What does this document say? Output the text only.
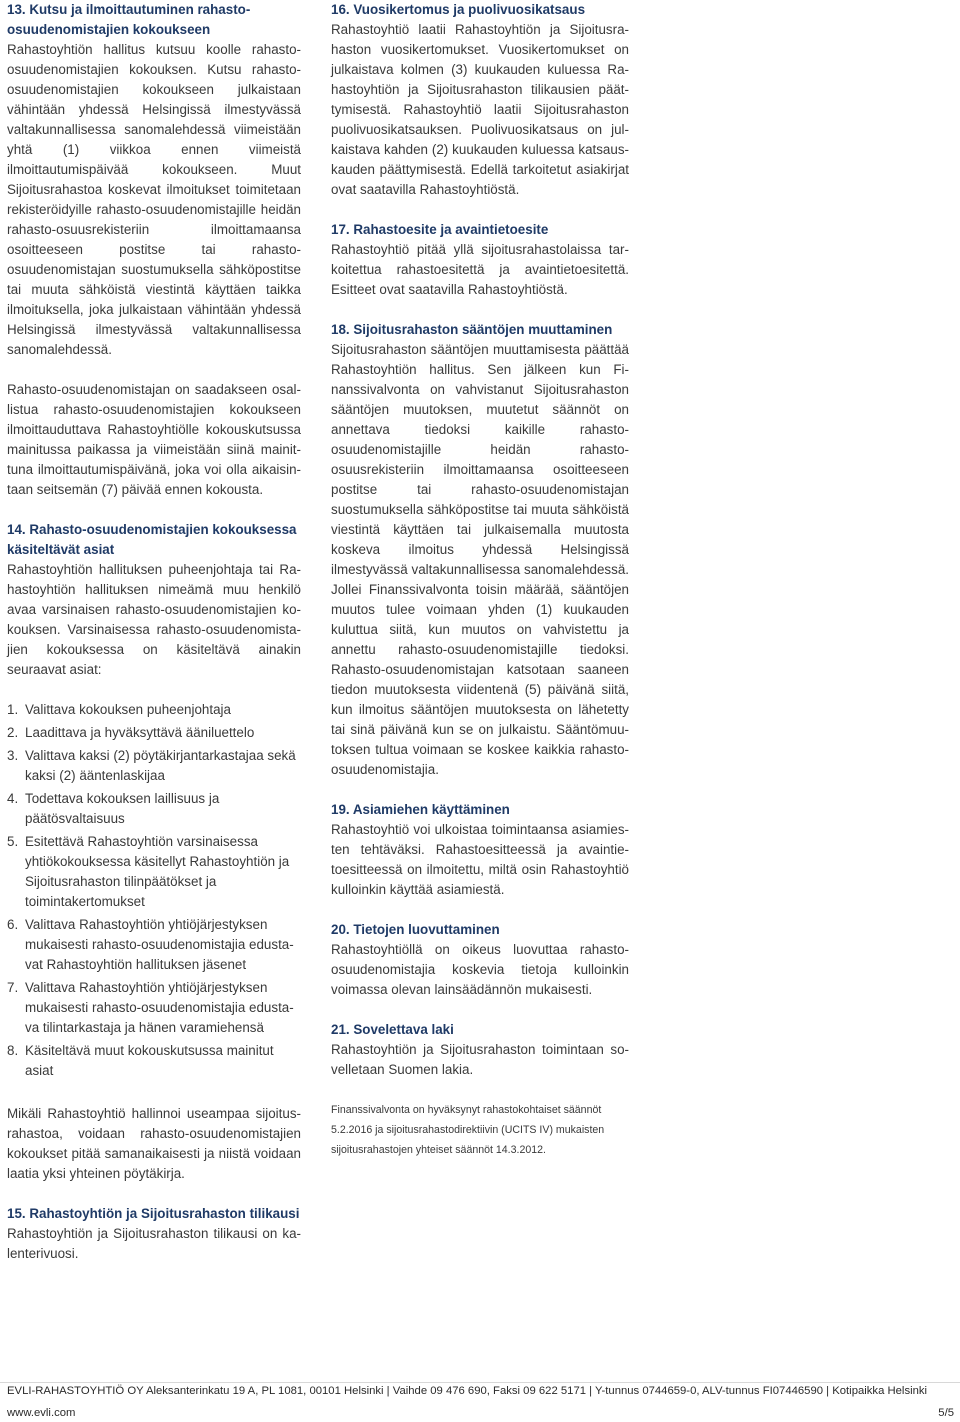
13. Kutsu ja ilmoittautuminen rahastoosuudenomistajien kokoukseen

Rahastoyhtiön hallitus kutsuu koolle rahasto-osuudenomistajien kokouksen. Kutsu rahasto-osuudenomistajien kokoukseen julkaistaan vähintään yhdessä Helsingissä ilmestyvässä valtakunnallisessa sanomalehdessä viimeistään yhtä (1) viikkoa ennen viimeistä ilmoittautumispäivää kokoukseen. Muut Sijoitusrahastoa koskevat ilmoitukset toimitetaan rekisteröidyille rahasto-osuudenomistajille heidän rahasto-osuusrekisteriin ilmoittamaansa osoitteeseen postitse tai rahasto-osuudenomistajan suostumuksella sähköpostitse tai muuta sähköistä viestintä käyttäen taikka ilmoituksella, joka julkaistaan vähintään yhdessä Helsingissä ilmestyvässä valtakunnallisessa sanomalehdessä.

Rahasto-osuudenomistajan on saadakseen osallistua rahasto-osuudenomistajien kokoukseen ilmoittauduttava Rahastoyhtiölle kokouskutsussa mainitussa paikassa ja viimeistään siinä mainittuna ilmoittautumispäivänä, joka voi olla aikaisintaan seitsemän (7) päivää ennen kokousta.

14. Rahasto-osuudenomistajien kokouksessa käsiteltävät asiat

Rahastoyhtiön hallituksen puheenjohtaja tai Rahastoyhtiön hallituksen nimeämä muu henkilö avaa varsinaisen rahasto-osuudenomistajien kokouksen. Varsinaisessa rahasto-osuudenomistajien kokouksessa on käsiteltävä ainakin seuraavat asiat:

1. Valittava kokouksen puheenjohtaja
2. Laadittava ja hyväksyttävä ääniluettelo
3. Valittava kaksi (2) pöytäkirjantarkastajaa sekä kaksi (2) ääntenlaskijaa
4. Todettava kokouksen laillisuus ja päätösvaltaisuus
5. Esitettävä Rahastoyhtiön varsinaisessa yhtiökokouksessa käsitellyt Rahastoyhtiön ja Sijoitusrahaston tilinpäätökset ja toimintakertomukset
6. Valittava Rahastoyhtiön yhtiöjärjestyksen mukaisesti rahasto-osuudenomistajia edustavat Rahastoyhtiön hallituksen jäsenet
7. Valittava Rahastoyhtiön yhtiöjärjestyksen mukaisesti rahasto-osuudenomistajia edustava tilintarkastaja ja hänen varamiehensä
8. Käsiteltävä muut kokouskutsussa mainitut asiat

Mikäli Rahastoyhtiö hallinnoi useampaa sijoitusrahastoa, voidaan rahasto-osuudenomistajien kokoukset pitää samanaikaisesti ja niistä voidaan laatia yksi yhteinen pöytäkirja.

15. Rahastoyhtiön ja Sijoitusrahaston tilikausi

Rahastoyhtiön ja Sijoitusrahaston tilikausi on kalenterivuosi.

16. Vuosikertomus ja puolivuosikatsaus

Rahastoyhtiö laatii Rahastoyhtiön ja Sijoitusrahaston vuosikertomukset. Vuosikertomukset on julkaistava kolmen (3) kuukauden kuluessa Rahastoyhtiön ja Sijoitusrahaston tilikausien päättymisestä. Rahastoyhtiö laatii Sijoitusrahaston puolivuosikatsauksen. Puolivuosikatsaus on julkaistava kahden (2) kuukauden kuluessa katsauskauden päättymisestä. Edellä tarkoitetut asiakirjat ovat saatavilla Rahastoyhtiöstä.

17. Rahastoesite ja avaintietoesite

Rahastoyhtiö pitää yllä sijoitusrahastolaissa tarkoitettua rahastoesitettä ja avaintietoesitettä. Esitteet ovat saatavilla Rahastoyhtiöstä.

18. Sijoitusrahaston sääntöjen muuttaminen

Sijoitusrahaston sääntöjen muuttamisesta päättää Rahastoyhtiön hallitus. Sen jälkeen kun Finanssivalvonta on vahvistanut Sijoitusrahaston sääntöjen muutoksen, muutetut säännöt on annettava tiedoksi kaikille rahasto-osuudenomistajille heidän rahasto-osuusrekisteriin ilmoittamaansa osoitteeseen postitse tai rahasto-osuudenomistajan suostumuksella sähköpostitse tai muuta sähköistä viestintä käyttäen tai julkaisemalla muutosta koskeva ilmoitus yhdessä Helsingissä ilmestyvässä valtakunnallisessa sanomalehdessä. Jollei Finanssivalvonta toisin määrää, sääntöjen muutos tulee voimaan yhden (1) kuukauden kuluttua siitä, kun muutos on vahvistettu ja annettu rahasto-osuudenomistajille tiedoksi. Rahasto-osuudenomistajan katsotaan saaneen tiedon muutoksesta viidentenä (5) päivänä siitä, kun ilmoitus sääntöjen muutoksesta on lähetetty tai sinä päivänä kun se on julkaistu. Sääntömuutoksen tultua voimaan se koskee kaikkia rahasto-osuudenomistajia.

19. Asiamiehen käyttäminen

Rahastoyhtiö voi ulkoistaa toimintaansa asiamiesten tehtäväksi. Rahastoesitteessä ja avaintietoesitteessä on ilmoitettu, miltä osin Rahastoyhtiö kulloinkin käyttää asiamiestä.

20. Tietojen luovuttaminen

Rahastoyhtiöllä on oikeus luovuttaa rahasto-osuudenomistajia koskevia tietoja kulloinkin voimassa olevan lainsäädännön mukaisesti.

21. Sovelettava laki

Rahastoyhtiön ja Sijoitusrahaston toimintaan sovelletaan Suomen lakia.

Finanssivalvonta on hyväksynyt rahastokohtaiset säännöt 5.2.2016 ja sijoitusrahastodirektiivin (UCITS IV) mukaisten sijoitusrahastojen yhteiset säännöt 14.3.2012.

EVLI-RAHASTOYHTIÖ OY Aleksanterinkatu 19 A, PL 1081, 00101 Helsinki | Vaihde 09 476 690, Faksi 09 622 5171 | Y-tunnus 0744659-0, ALV-tunnus FI07446590 | Kotipaikka Helsinki
www.evli.com	5/5
